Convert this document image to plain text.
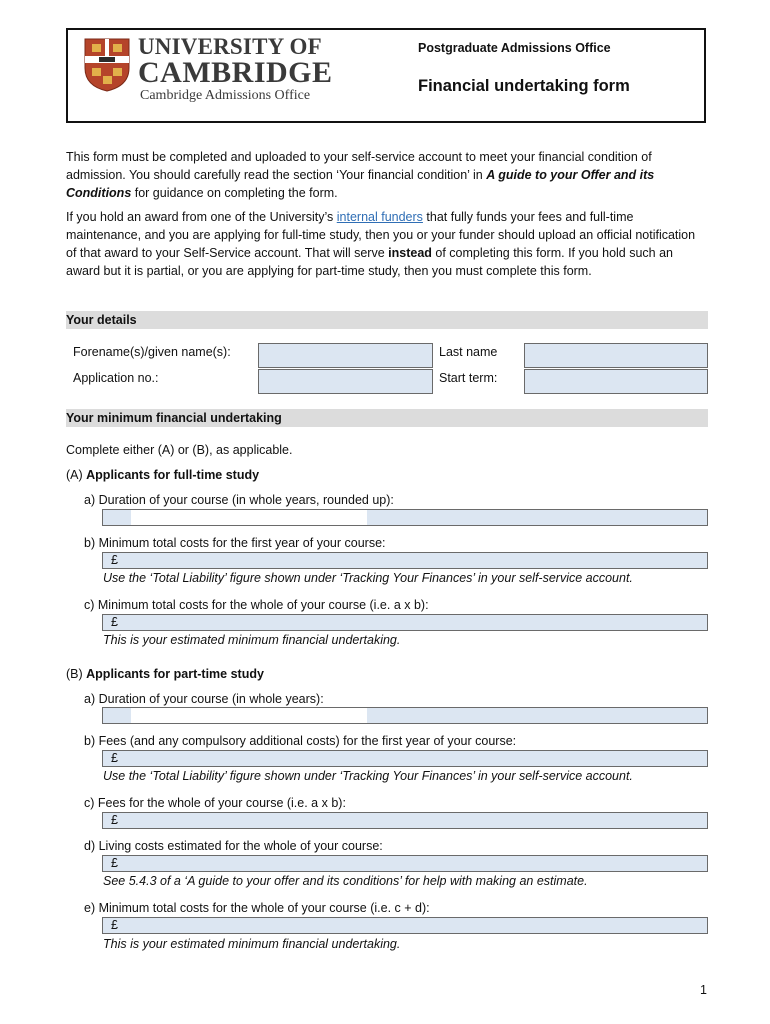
UNIVERSITY OF
CAMBRIDGE
Cambridge Admissions Office
Postgraduate Admissions Office
Financial undertaking form

This form must be completed and uploaded to your self-service account to meet your financial condition of admission. You should carefully read the section ‘Your financial condition’ in A guide to your Offer and its Conditions for guidance on completing the form.

If you hold an award from one of the University’s internal funders that fully funds your fees and full-time maintenance, and you are applying for full-time study, then you or your funder should upload an official notification of that award to your Self-Service account. That will serve instead of completing this form. If you hold such an award but it is partial, or you are applying for part-time study, then you must complete this form.

Your details
Forename(s)/given name(s):	Last name
Application no.:	Start term:
Your minimum financial undertaking
Complete either (A) or (B), as applicable.
(A) Applicants for full-time study
a) Duration of your course (in whole years, rounded up):
b) Minimum total costs for the first year of your course:
£
Use the ‘Total Liability’ figure shown under ‘Tracking Your Finances’ in your self-service account.
c) Minimum total costs for the whole of your course (i.e. a x b):
£
This is your estimated minimum financial undertaking.
(B) Applicants for part-time study
a) Duration of your course (in whole years):
b) Fees (and any compulsory additional costs) for the first year of your course:
£
Use the ‘Total Liability’ figure shown under ‘Tracking Your Finances’ in your self-service account.
c) Fees for the whole of your course (i.e. a x b):
£
d) Living costs estimated for the whole of your course:
£
See 5.4.3 of a ‘A guide to your offer and its conditions’ for help with making an estimate.
e) Minimum total costs for the whole of your course (i.e. c + d):
£
This is your estimated minimum financial undertaking.
1
